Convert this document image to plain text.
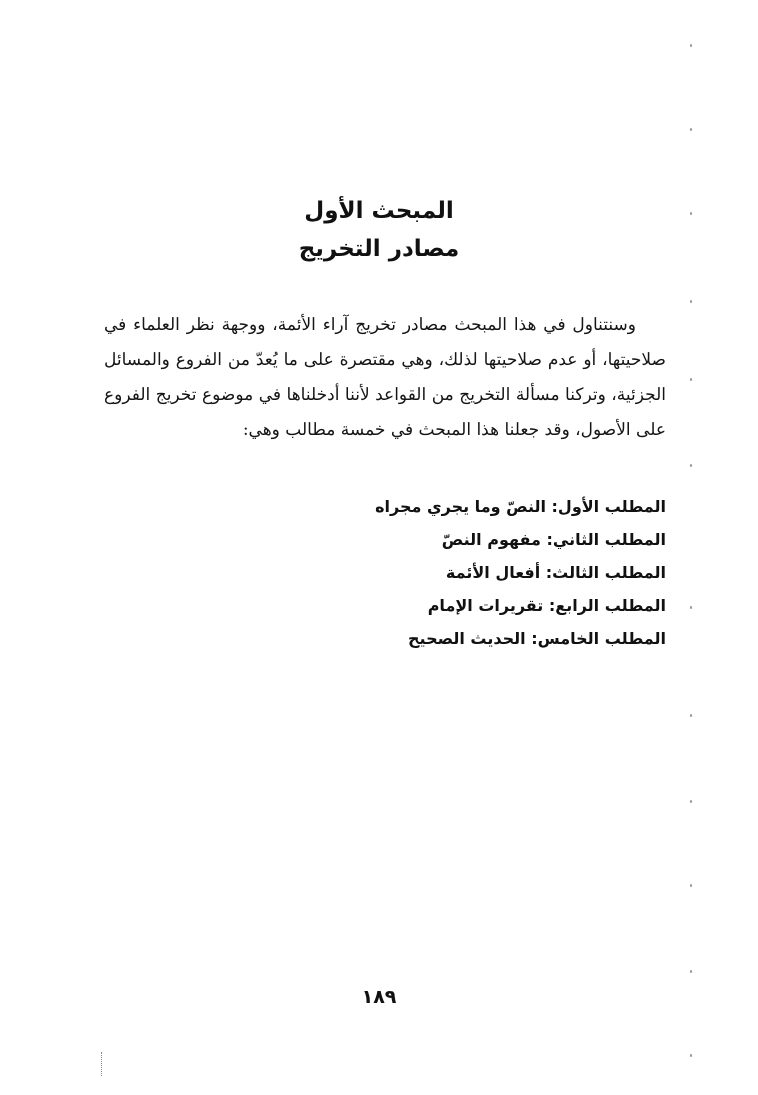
المبحث الأول
مصادر التخريج

وسنتناول في هذا المبحث مصادر تخريج آراء الأئمة، ووجهة نظر العلماء في صلاحيتها، أو عدم صلاحيتها لذلك، وهي مقتصرة على ما يُعدّ من الفروع والمسائل الجزئية، وتركنا مسألة التخريج من القواعد لأننا أدخلناها في موضوع تخريج الفروع على الأصول، وقد جعلنا هذا المبحث في خمسة مطالب وهي:

المطلب الأول: النصّ وما يجري مجراه
المطلب الثاني: مفهوم النصّ
المطلب الثالث: أفعال الأئمة
المطلب الرابع: تقريرات الإمام
المطلب الخامس: الحديث الصحيح
١٨٩
